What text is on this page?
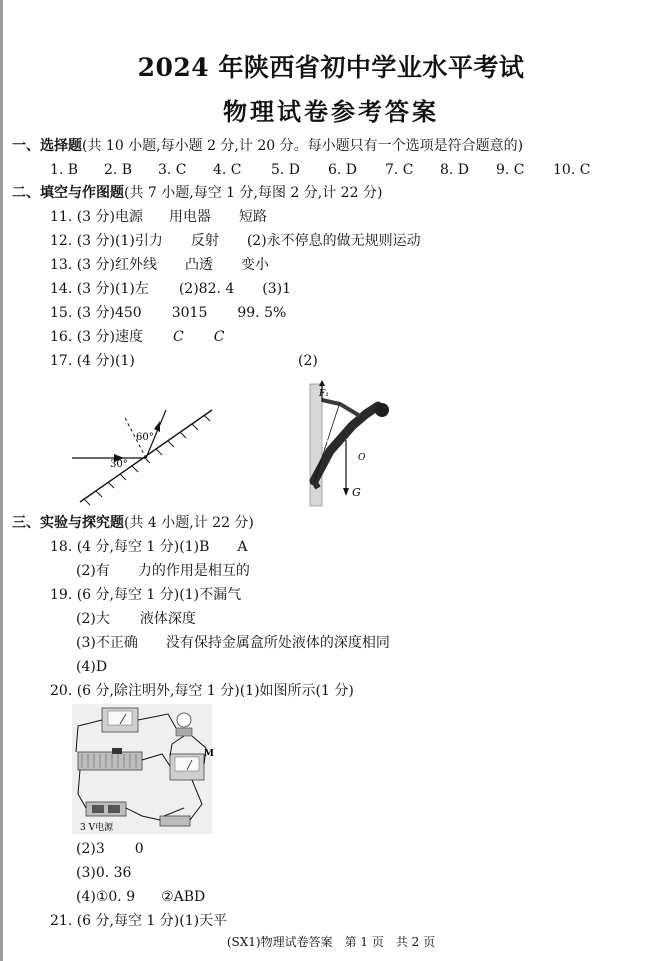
2024 年陕西省初中学业水平考试
物理试卷参考答案
一、选择题(共 10 小题,每小题 2 分,计 20 分。每小题只有一个选项是符合题意的)
1. B 2. B 3. C 4. C 5. D 6. D 7. C 8. D 9. C 10. C
二、填空与作图题(共 7 小题,每空 1 分,每图 2 分,计 22 分)
11. (3 分)电源 用电器 短路
12. (3 分)(1)引力 反射 (2)永不停息的做无规则运动
13. (3 分)红外线 凸透 变小
14. (3 分)(1)左 (2)82. 4 (3)1
15. (3 分)450 3015 99. 5%
16. (3 分)速度 C C
17. (4 分)(1)	(2)
60°
30°
F₁
L₁
O
G
三、实验与探究题(共 4 小题,计 22 分)
18. (4 分,每空 1 分)(1)B A
(2)有 力的作用是相互的
19. (6 分,每空 1 分)(1)不漏气
(2)大 液体深度
(3)不正确 没有保持金属盒所处液体的深度相同
(4)D
20. (6 分,除注明外,每空 1 分)(1)如图所示(1 分)
M
3 V电源
(2)3 0
(3)0. 36
(4)①0. 9 ②ABD
21. (6 分,每空 1 分)(1)天平
(SX1)物理试卷答案　第 1 页　共 2 页
